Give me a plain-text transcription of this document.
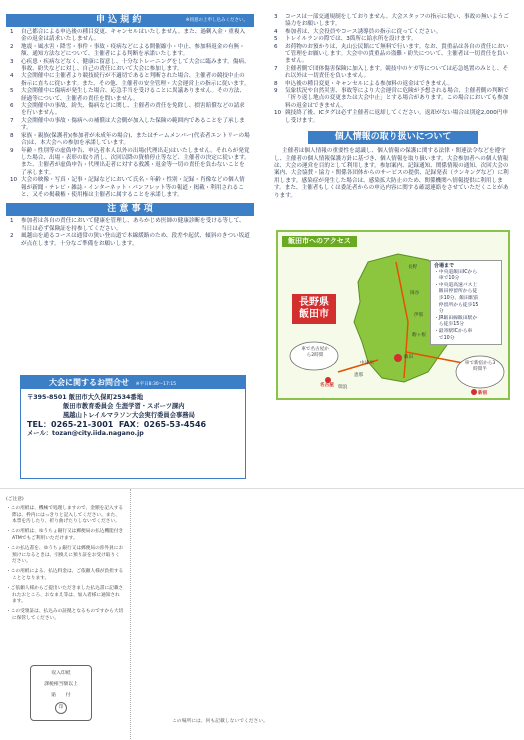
申 込 規 約	※同意の上申し込みください。
1	自己都合による申込後の種目変更、キャンセルはいたしません。また、過剰入金・重複入金の返金は請求いたしません。
2	地震・風水害・降雪・事件・事故・疫病などによる開催縮小・中止、参加料返金の有無・額、通知方法などについて、主催者による判断を承諾いたします。
3	心疾患・疾病などなく、健康に留意し、十分なトレーニングをして大会に臨みます。傷病、事故、紛失などに対し、自己の責任において大会に参加します。
4	大会開催中に主催者より競技続行が不適切であると判断された場合、主催者の競技中止の指示に直ちに従います。また、その他、主催者の安全管理・大会運営上の指示に従います。
5	大会開催中に傷病が発生した場合、応急手当を受けることに異議ありません。その方法、経過等について、主催者の責任を問いません。
6	大会開催中の事故、紛失、傷病などに関し、主催者の責任を免除し、損害賠償などの請求を行いません。
7	大会開催中の事故・傷病への補償は大会側が加入した保険の範囲内であることを了承します。
8	家族・親族(保護者)(参加者が未成年の場合)、またはチームメンバー(代表者エントリーの場合)は、本大会への参加を承諾しています。
9	年齢・性別等の虚偽申告、申込者本人以外の出場(代理出走)はいたしません。それらが発覚した場合、出場・表彰の取り消し、次回以降の資格停止等など、主催者の決定に従います。また、主催者が虚偽申告・代理出走者に対する救護・返金等一切の責任を負わないことを了承します。
10 大会の映像・写真・記事・記録などにおいて氏名・年齢・性別・記録・肖像などの個人情報が新聞・テレビ・雑誌・インターネット・パンフレット等の報道・掲載・利用されること、又その掲載権・使用権は主催者に属することを承諾します。
注 意 事 項
1	参加者は各自の責任において健康を管理し、あらかじめ医師の健康診断を受ける等して、当日は必ず保険証を持参してください。
2	風越山を通るコースは通常の狭い登山道で本線緩路のため、段差や起伏、傾斜のきつい坂道が点在します。十分なご準備をお願いします。
大会に関するお問合せ ※平日8:30～17:15
〒395-8501 飯田市大久保町2534番地
飯田市教育委員会 生涯学習・スポーツ課内
風越山トレイルマラソン大会実行委員会事務局
TEL：0265-21-3001 FAX：0265-53-4546
メール：tozan@city.iida.nagano.jp
3	コースは一部交通規制をしておりません。大会スタッフの指示に従い、事故の無いようご協力をお願いします。
4	参加者は、大会役員やコース誘導員の指示に従ってください。
5	トレイルランの際では、3箇所に給水所を設けます。
6	お荷物のお預かりは、丸山公民館にて無料で行います。なお、貴重品は各自の責任において管理をお願いします。大会中の貴重品の盗難・紛失について、主催者は一切責任を負いません。
7	主催者側で団体傷害保険に加入します。競技中のケガ等については応急処置のみとし、それ以外は一切責任を負いません。
8	申込後の種目変更・キャンセルによる参加料の返金はできません。
9	気象状況や自然災害、事故等により大会運営に危険が予想される場合、主催者側の判断で「折り返し地点の変更または大会中止」とする場合があります。この場合においても参加料の返金はできません。
10 競技終了後、ICタグは必ず主催者に返却してください。返却がない場合は別途2,000円申し受けます。
個人情報の取り扱いについて

主催者は個人情報の重要性を認識し、個人情報の保護に関する法律・関連法令などを遵守し、主催者の個人情報保護方針に基づき、個人情報を取り扱います。大会参加者への個人情報は、大会の運営を目的として利用します。参加案内、記録通知、関係情報の通知、次回大会の案内、大会協賛・協力・関係各団体からのサービスの提供、記録発表（ランキングなど）に利用します。感染症が発生した場合は、感染拡大防止のため、関係機関へ情報提供に利用します。また、主催者もしくは委託者からの申込内容に関する確認連絡をさせていただくことがあります。

飯田市へのアクセス
長野県飯田市
合場まで
・中央道飯田ICから
　車で10分
・中央道高速バス上
　飯田停留所から徒
　歩10分、飯田駅前
　停留所から徒歩15
　分
・JR飯田線飯田駅か
　ら徒歩15分
・最寄駅ICから車
　で10分
車で名古屋から2時間
名古屋
車で新宿から3時間半
新宿
長野
岡谷
伊那
駒ヶ根
飯田
中津川
恵那
瑞浪
(ご注意)

・この用紙は、機械で処理しますので、金額を記入する際は、枠内にはっきりと記入してください。また、本票を汚したり、折り曲げたりしないでください。

・この用紙は、ゆうちょ銀行又は郵便局の払込機能付きATMでもご利用いただけます。

・この払込書を、ゆうちょ銀行又は郵便局の渉外員にお預けになるときは、引換えに預り証をお受け取りください。

・この用紙による、払込料金は、ご依頼人様が負担することとなります。

・ご依頼人様からご提出いただきました払込書に記載されたおところ、おなまえ等は、加入者様に通知されます。

・この受領証は、払込みの証拠となるものですから大切に保管してください。

収入印紙
課税相当額以上
貼　　付
印
この場所には、何も記載しないでください。
